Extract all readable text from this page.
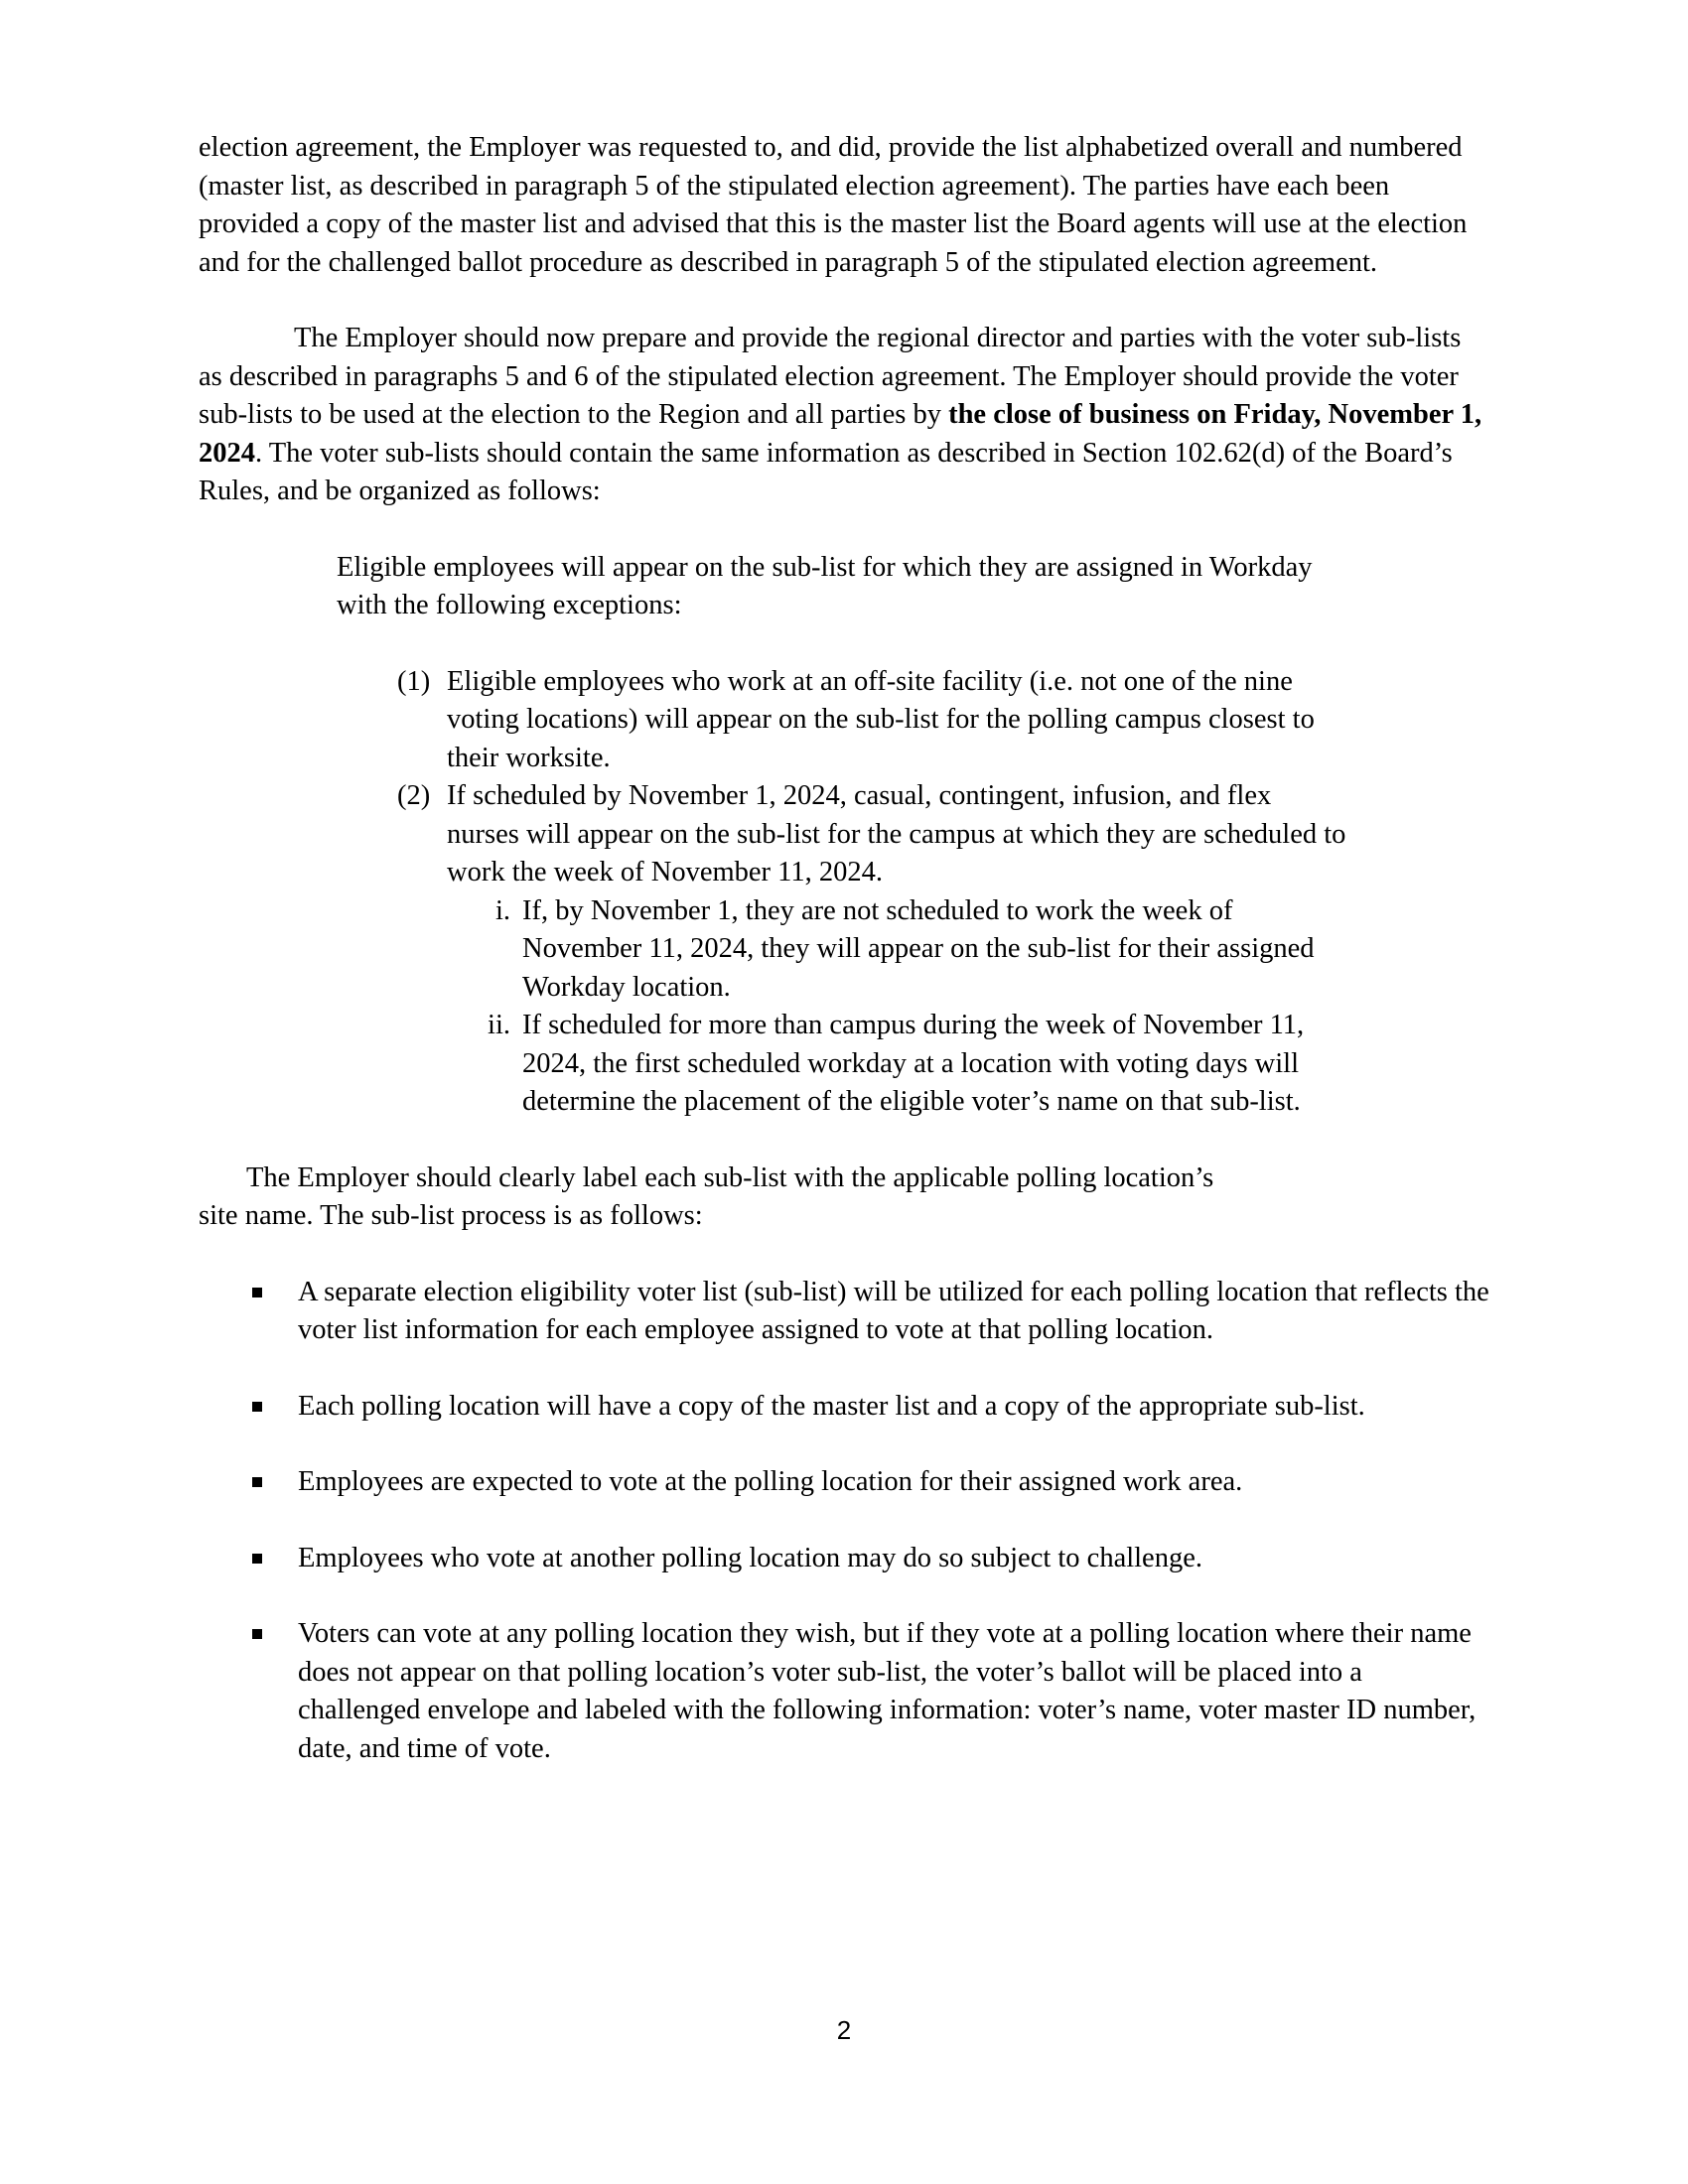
election agreement, the Employer was requested to, and did, provide the list alphabetized overall and numbered (master list, as described in paragraph 5 of the stipulated election agreement). The parties have each been provided a copy of the master list and advised that this is the master list the Board agents will use at the election and for the challenged ballot procedure as described in paragraph 5 of the stipulated election agreement.

The Employer should now prepare and provide the regional director and parties with the voter sub-lists as described in paragraphs 5 and 6 of the stipulated election agreement. The Employer should provide the voter sub-lists to be used at the election to the Region and all parties by the close of business on Friday, November 1, 2024. The voter sub-lists should contain the same information as described in Section 102.62(d) of the Board’s Rules, and be organized as follows:

Eligible employees will appear on the sub-list for which they are assigned in Workday with the following exceptions:

(1) Eligible employees who work at an off-site facility (i.e. not one of the nine voting locations) will appear on the sub-list for the polling campus closest to their worksite.
(2) If scheduled by November 1, 2024, casual, contingent, infusion, and flex nurses will appear on the sub-list for the campus at which they are scheduled to work the week of November 11, 2024.
i. If, by November 1, they are not scheduled to work the week of November 11, 2024, they will appear on the sub-list for their assigned Workday location.
ii. If scheduled for more than campus during the week of November 11, 2024, the first scheduled workday at a location with voting days will determine the placement of the eligible voter’s name on that sub-list.

The Employer should clearly label each sub-list with the applicable polling location’s site name. The sub-list process is as follows:

A separate election eligibility voter list (sub-list) will be utilized for each polling location that reflects the voter list information for each employee assigned to vote at that polling location.
Each polling location will have a copy of the master list and a copy of the appropriate sub-list.
Employees are expected to vote at the polling location for their assigned work area.
Employees who vote at another polling location may do so subject to challenge.
Voters can vote at any polling location they wish, but if they vote at a polling location where their name does not appear on that polling location’s voter sub-list, the voter’s ballot will be placed into a challenged envelope and labeled with the following information: voter’s name, voter master ID number, date, and time of vote.
2
